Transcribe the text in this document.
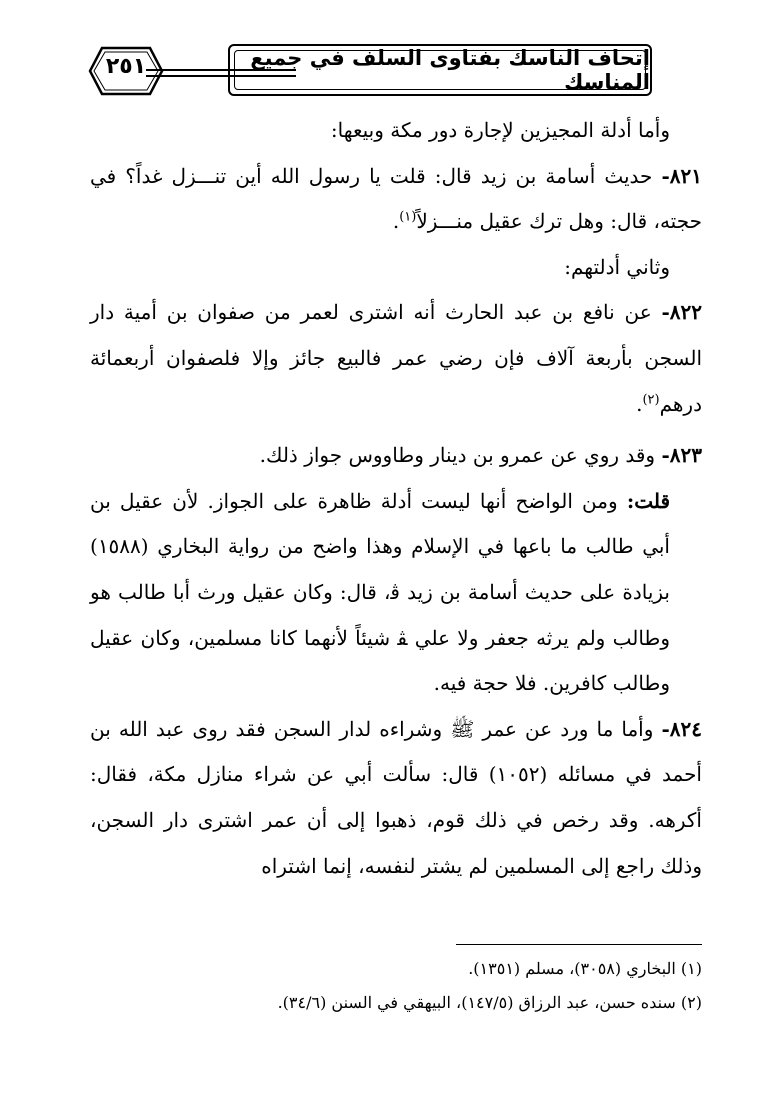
إتحاف الناسك بفتاوى السلف في جميع المناسك
٢٥١

وأما أدلة المجيزين لإجارة دور مكة وبيعها:

٨٢١- حديث أسامة بن زيد قال: قلت يا رسول الله أين تنـــزل غداً؟ في حجته، قال: وهل ترك عقيل منـــزلاً$^{(١)}$.

وثاني أدلتهم:

٨٢٢- عن نافع بن عبد الحارث أنه اشترى لعمر من صفوان بن أمية دار السجن بأربعة آلاف فإن رضي عمر فالبيع جائز وإلا فلصفوان أربعمائة درهم$^{(٢)}$.

٨٢٣- وقد روي عن عمرو بن دينار وطاووس جواز ذلك.

قلت: ومن الواضح أنها ليست أدلة ظاهرة على الجواز. لأن عقيل بن أبي طالب ما باعها في الإسلام وهذا واضح من رواية البخاري (١٥٨٨) بزيادة على حديث أسامة بن زيد ﭬ، قال: وكان عقيل ورث أبا طالب هو وطالب ولم يرثه جعفر ولا علي ﭭ شيئاً لأنهما كانا مسلمين، وكان عقيل وطالب كافرين. فلا حجة فيه.

٨٢٤- وأما ما ورد عن عمر ﷺ وشراءه لدار السجن فقد روى عبد الله بن أحمد في مسائله (١٠٥٢) قال: سألت أبي عن شراء منازل مكة، فقال: أكرهه. وقد رخص في ذلك قوم، ذهبوا إلى أن عمر اشترى دار السجن، وذلك راجع إلى المسلمين لم يشتر لنفسه، إنما اشتراه

(١) البخاري (٣٠٥٨)، مسلم (١٣٥١).

(٢) سنده حسن، عبد الرزاق (١٤٧/٥)، البيهقي في السنن (٣٤/٦).
